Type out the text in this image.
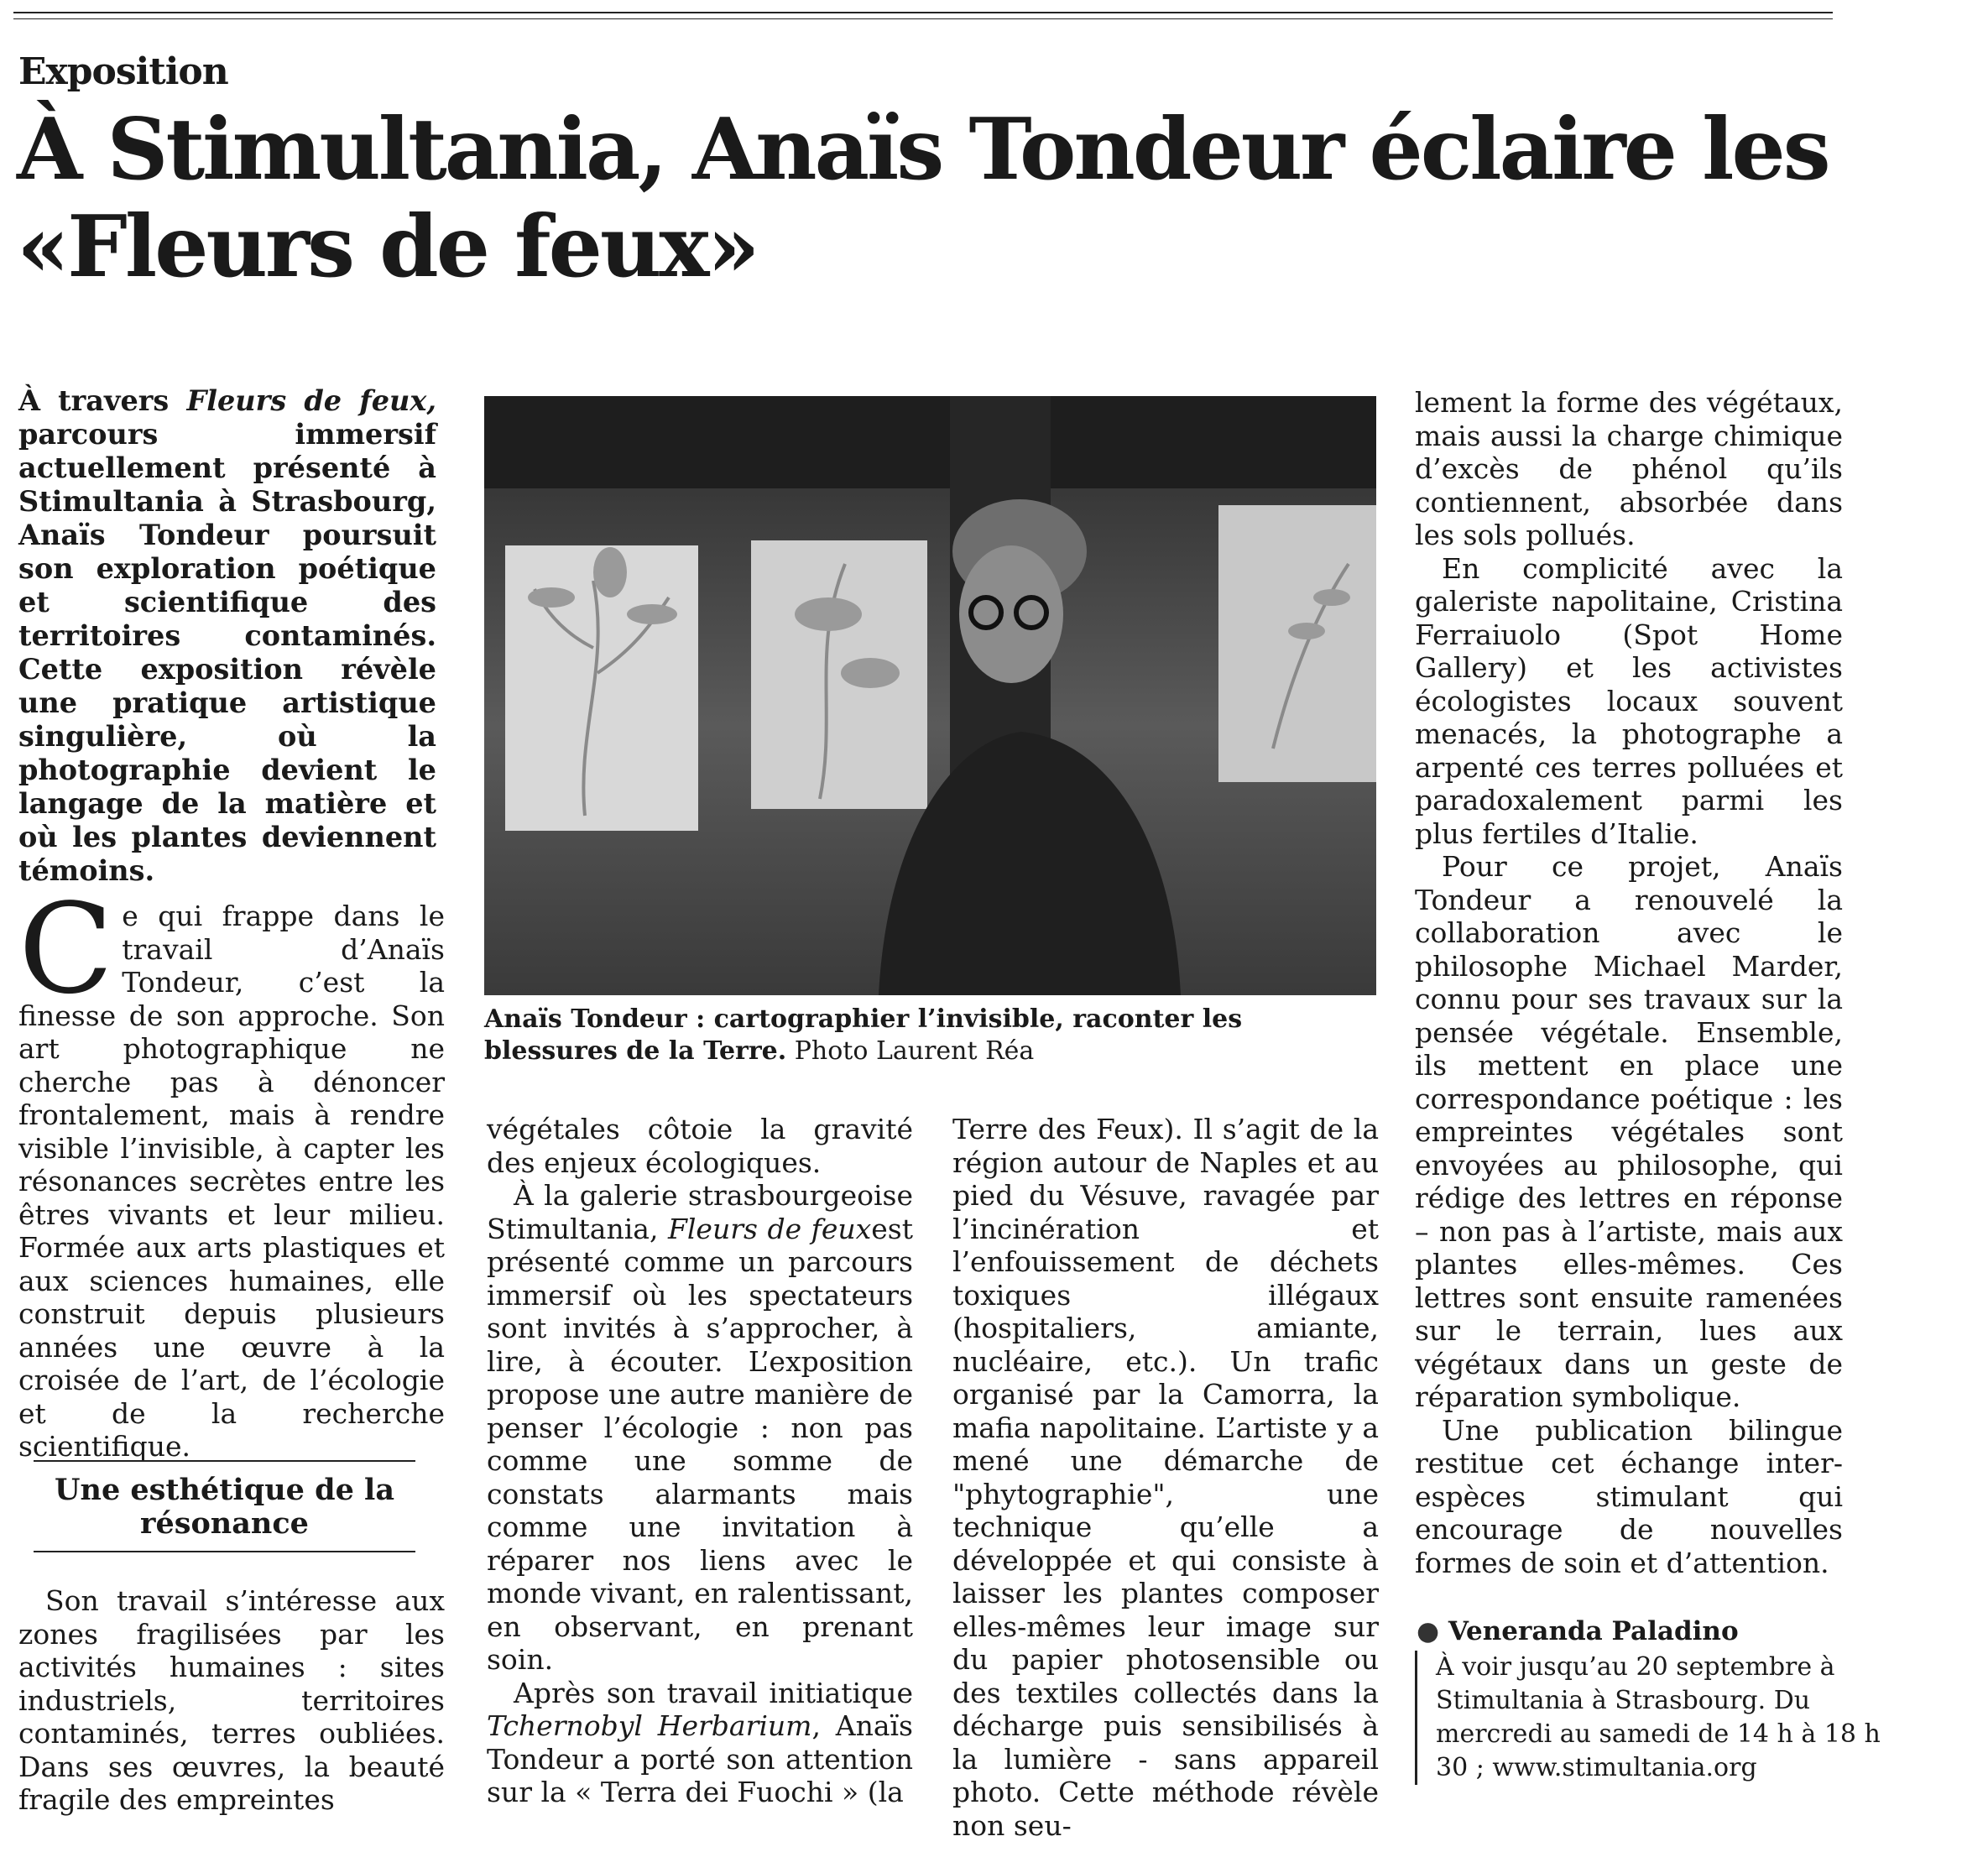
Exposition
À Stimultania, Anaïs Tondeur éclaire les «Fleurs de feux»
À travers Fleurs de feux, parcours immersif actuellement présenté à Stimultania à Strasbourg, Anaïs Tondeur poursuit son exploration poétique et scientifique des territoires contaminés. Cette exposition révèle une pratique artistique singulière, où la photographie devient le langage de la matière et où les plantes deviennent témoins.

Ce qui frappe dans le travail d’Anaïs Tondeur, c’est la finesse de son approche. Son art photographique ne cherche pas à dénoncer frontalement, mais à rendre visible l’invisible, à capter les résonances secrètes entre les êtres vivants et leur milieu. Formée aux arts plastiques et aux sciences humaines, elle construit depuis plusieurs années une œuvre à la croisée de l’art, de l’écologie et de la recherche scientifique.

Une esthétique de la résonance

Son travail s’intéresse aux zones fragilisées par les activités humaines : sites industriels, territoires contaminés, terres oubliées. Dans ses œuvres, la beauté fragile des empreintes

Anaïs Tondeur : cartographier l’invisible, raconter les blessures de la Terre. Photo Laurent Réa

végétales côtoie la gravité des enjeux écologiques.

À la galerie strasbourgeoise Stimultania, Fleurs de feuxest présenté comme un parcours immersif où les spectateurs sont invités à s’approcher, à lire, à écouter. L’exposition propose une autre manière de penser l’écologie : non pas comme une somme de constats alarmants mais comme une invitation à réparer nos liens avec le monde vivant, en ralentissant, en observant, en prenant soin.

Après son travail initiatique Tchernobyl Herbarium, Anaïs Tondeur a porté son attention sur la « Terra dei Fuochi » (la

Terre des Feux). Il s’agit de la région autour de Naples et au pied du Vésuve, ravagée par l’incinération et l’enfouissement de déchets toxiques illégaux (hospitaliers, amiante, nucléaire, etc.). Un trafic organisé par la Camorra, la mafia napolitaine. L’artiste y a mené une démarche de "phytographie", une technique qu’elle a développée et qui consiste à laisser les plantes composer elles-mêmes leur image sur du papier photosensible ou des textiles collectés dans la décharge puis sensibilisés à la lumière - sans appareil photo. Cette méthode révèle non seu-

lement la forme des végétaux, mais aussi la charge chimique d’excès de phénol qu’ils contiennent, absorbée dans les sols pollués.

En complicité avec la galeriste napolitaine, Cristina Ferraiuolo (Spot Home Gallery) et les activistes écologistes locaux souvent menacés, la photographe a arpenté ces terres polluées et paradoxalement parmi les plus fertiles d’Italie.

Pour ce projet, Anaïs Tondeur a renouvelé la collaboration avec le philosophe Michael Marder, connu pour ses travaux sur la pensée végétale. Ensemble, ils mettent en place une correspondance poétique : les empreintes végétales sont envoyées au philosophe, qui rédige des lettres en réponse – non pas à l’artiste, mais aux plantes elles-mêmes. Ces lettres sont ensuite ramenées sur le terrain, lues aux végétaux dans un geste de réparation symbolique.

Une publication bilingue restitue cet échange inter-espèces stimulant qui encourage de nouvelles formes de soin et d’attention.

● Veneranda Paladino
À voir jusqu’au 20 septembre à Stimultania à Strasbourg. Du mercredi au samedi de 14 h à 18 h 30 ; www.stimultania.org
